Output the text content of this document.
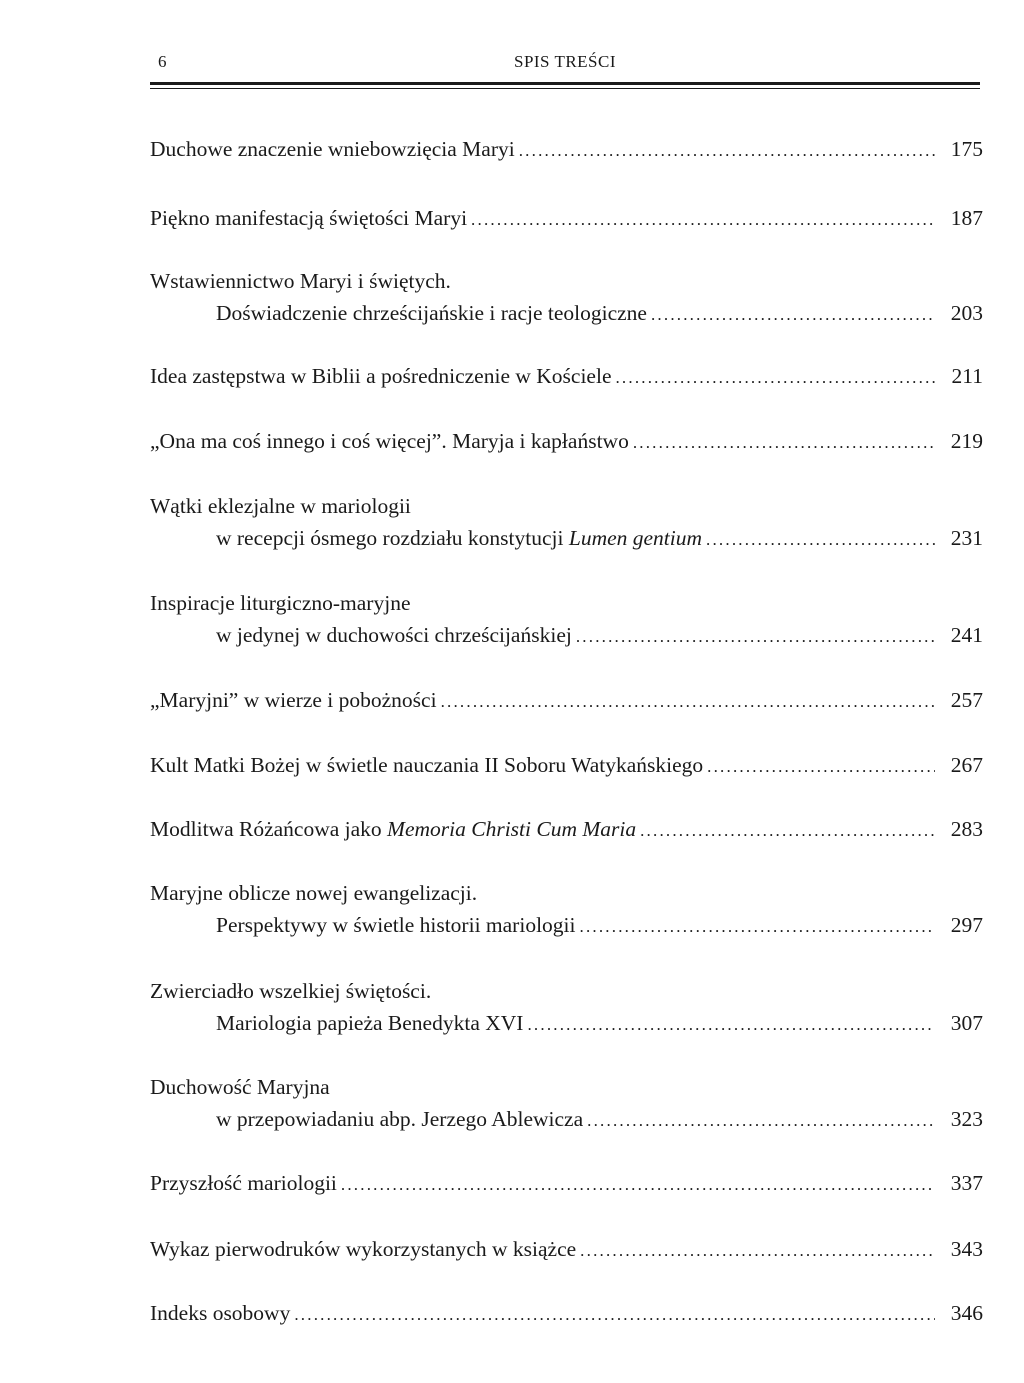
6	SPIS TREŚCI
Duchowe znaczenie wniebowzięcia Maryi .....	175
Piękno manifestacją świętości Maryi .....	187
Wstawiennictwo Maryi i świętych.
Doświadczenie chrześcijańskie i racje teologiczne .....	203
Idea zastępstwa w Biblii a pośredniczenie w Kościele .....	211
„Ona ma coś innego i coś więcej”. Maryja i kapłaństwo .....	219
Wątki eklezjalne w mariologii
w recepcji ósmego rozdziału konstytucji Lumen gentium .....	231
Inspiracje liturgiczno-maryjne
w jedynej w duchowości chrześcijańskiej .....	241
„Maryjni” w wierze i pobożności .....	257
Kult Matki Bożej w świetle nauczania II Soboru Watykańskiego .....	267
Modlitwa Różańcowa jako Memoria Christi Cum Maria .....	283
Maryjne oblicze nowej ewangelizacji.
Perspektywy w świetle historii mariologii .....	297
Zwierciadło wszelkiej świętości.
Mariologia papieża Benedykta XVI .....	307
Duchowość Maryjna
w przepowiadaniu abp. Jerzego Ablewicza .....	323
Przyszłość mariologii .....	337
Wykaz pierwodruków wykorzystanych w książce .....	343
Indeks osobowy .....	346
